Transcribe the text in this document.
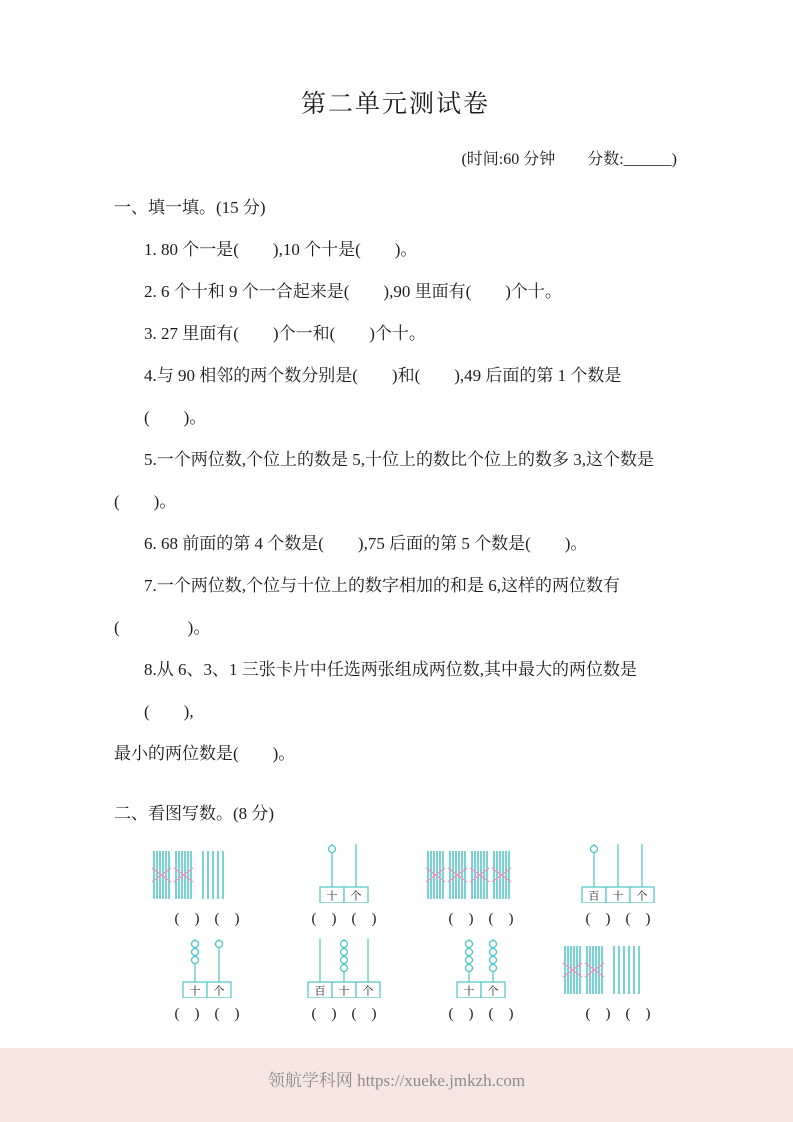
第二单元测试卷
(时间:60 分钟　　分数:______)
一、填一填。(15 分)

1. 80 个一是(　　),10 个十是(　　)。

2. 6 个十和 9 个一合起来是(　　),90 里面有(　　)个十。

3. 27 里面有(　　)个一和(　　)个十。

4.与 90 相邻的两个数分别是(　　)和(　　),49 后面的第 1 个数是(　　)。

5.一个两位数,个位上的数是 5,十位上的数比个位上的数多 3,这个数是

(　　)。

6. 68 前面的第 4 个数是(　　),75 后面的第 5 个数是(　　)。

7.一个两位数,个位与十位上的数字相加的和是 6,这样的两位数有

(　　　　)。

8.从 6、3、1 三张卡片中任选两张组成两位数,其中最大的两位数是(　　),

最小的两位数是(　　)。

二、看图写数。(8 分)
(　)　(　)
十 个
(　)　(　)	(　)　(　)
百 十 个
(　)　(　)
十 个
(　)　(　)
百 十 个
(　)　(　)
十 个
(　)　(　)	(　)　(　)

领航学科网 https://xueke.jmkzh.com
